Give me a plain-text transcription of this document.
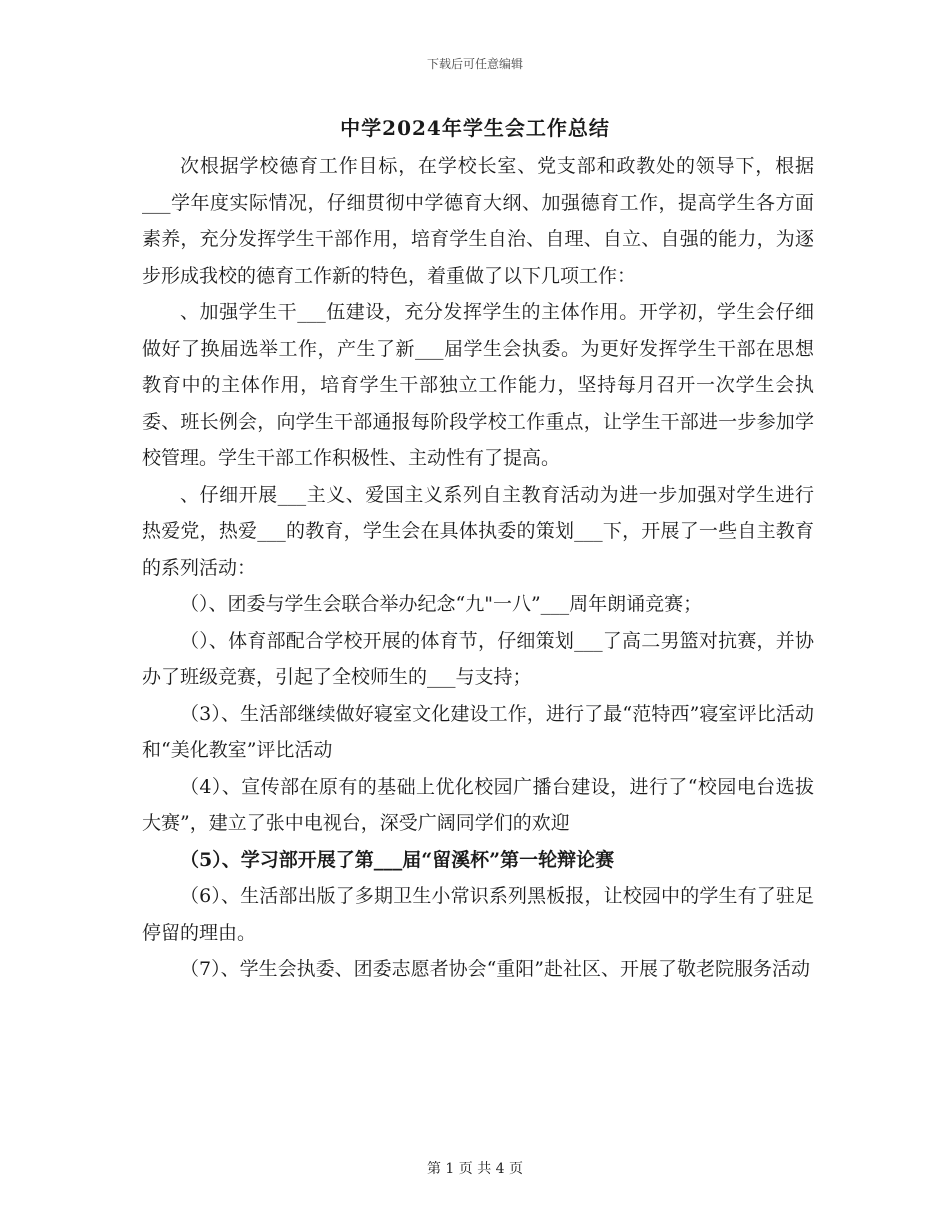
下载后可任意编辑
中学2024年学生会工作总结

次根据学校德育工作目标，在学校长室、党支部和政教处的领导下，根据___学年度实际情况，仔细贯彻中学德育大纲、加强德育工作，提高学生各方面素养，充分发挥学生干部作用，培育学生自治、自理、自立、自强的能力，为逐步形成我校的德育工作新的特色，着重做了以下几项工作：

、加强学生干___伍建设，充分发挥学生的主体作用。开学初，学生会仔细做好了换届选举工作，产生了新___届学生会执委。为更好发挥学生干部在思想教育中的主体作用，培育学生干部独立工作能力，坚持每月召开一次学生会执委、班长例会，向学生干部通报每阶段学校工作重点，让学生干部进一步参加学校管理。学生干部工作积极性、主动性有了提高。

、仔细开展___主义、爱国主义系列自主教育活动为进一步加强对学生进行热爱党，热爱___的教育，学生会在具体执委的策划___下，开展了一些自主教育的系列活动：

（）、团委与学生会联合举办纪念“九"一八”___周年朗诵竞赛；

（）、体育部配合学校开展的体育节，仔细策划___了高二男篮对抗赛，并协办了班级竞赛，引起了全校师生的___与支持；

（3）、生活部继续做好寝室文化建设工作，进行了最“范特西”寝室评比活动和“美化教室”评比活动

（4）、宣传部在原有的基础上优化校园广播台建设，进行了“校园电台选拔大赛”，建立了张中电视台，深受广阔同学们的欢迎

（5）、学习部开展了第___届“留溪杯”第一轮辩论赛

（6）、生活部出版了多期卫生小常识系列黑板报，让校园中的学生有了驻足停留的理由。

（7）、学生会执委、团委志愿者协会“重阳”赴社区、开展了敬老院服务活动

第 1 页 共 4 页
